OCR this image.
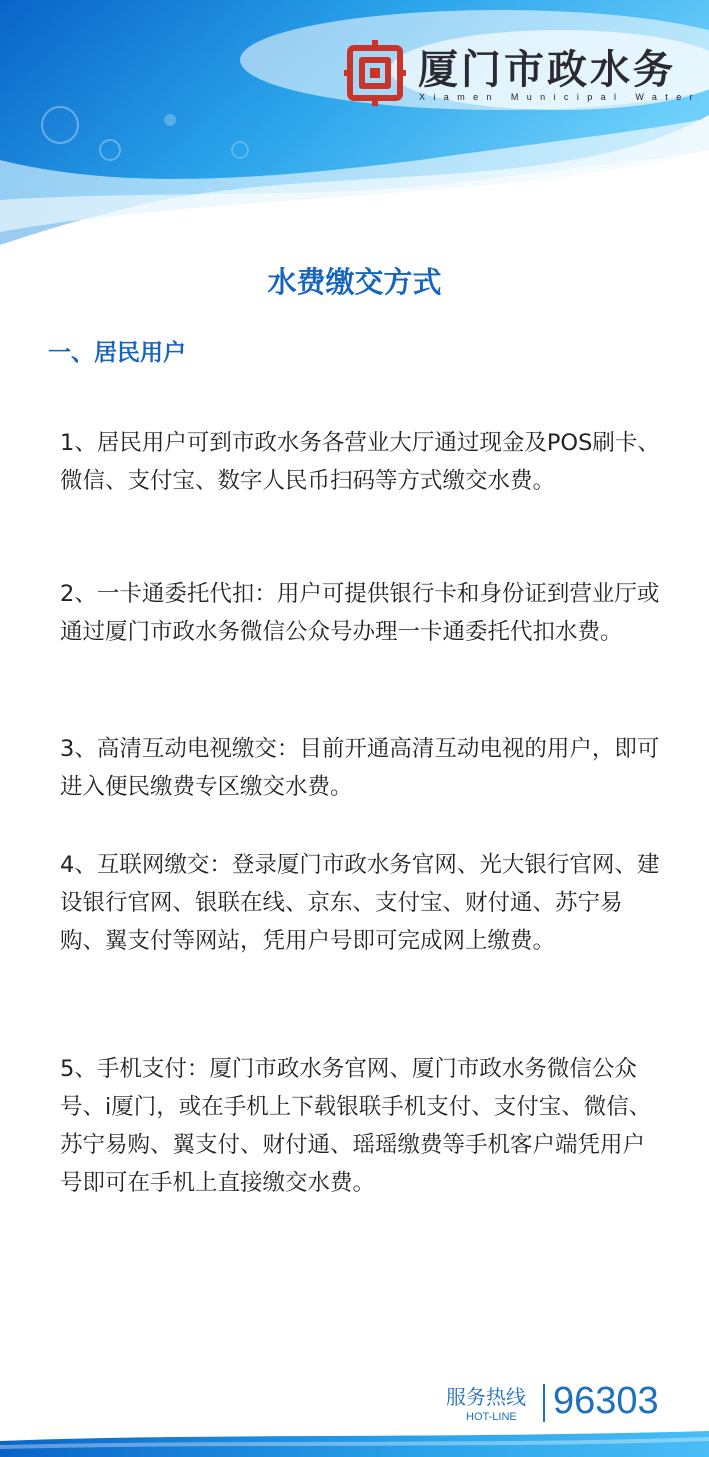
厦门市政水务
Xiamen Municipal Water
水费缴交方式
一、居民用户

1、居民用户可到市政水务各营业大厅通过现金及POS刷卡、微信、支付宝、数字人民币扫码等方式缴交水费。

2、一卡通委托代扣：用户可提供银行卡和身份证到营业厅或通过厦门市政水务微信公众号办理一卡通委托代扣水费。

3、高清互动电视缴交：目前开通高清互动电视的用户，即可进入便民缴费专区缴交水费。

4、互联网缴交：登录厦门市政水务官网、光大银行官网、建设银行官网、银联在线、京东、支付宝、财付通、苏宁易购、翼支付等网站，凭用户号即可完成网上缴费。

5、手机支付：厦门市政水务官网、厦门市政水务微信公众号、i厦门，或在手机上下载银联手机支付、支付宝、微信、苏宁易购、翼支付、财付通、瑶瑶缴费等手机客户端凭用户号即可在手机上直接缴交水费。

服务热线
HOT-LINE 96303
